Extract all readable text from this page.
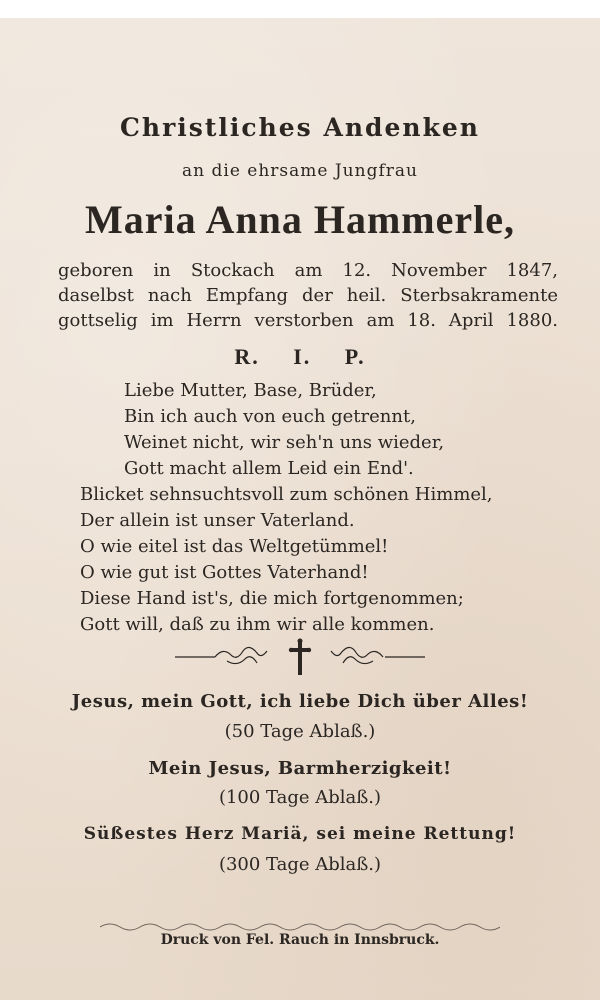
Christliches Andenken
an die ehrsame Jungfrau
Maria Anna Hammerle,
geboren in Stockach am 12. November 1847,
daselbst nach Empfang der heil. Sterbsakramente
gottselig im Herrn verstorben am 18. April 1880.
R. I. P.
Liebe Mutter, Base, Brüder,
Bin ich auch von euch getrennt,
Weinet nicht, wir seh'n uns wieder,
Gott macht allem Leid ein End'.
Blicket sehnsuchtsvoll zum schönen Himmel,
Der allein ist unser Vaterland.
O wie eitel ist das Weltgetümmel!
O wie gut ist Gottes Vaterhand!
Diese Hand ist's, die mich fortgenommen;
Gott will, daß zu ihm wir alle kommen.
Jesus, mein Gott, ich liebe Dich über Alles!
(50 Tage Ablaß.)
Mein Jesus, Barmherzigkeit!
(100 Tage Ablaß.)
Süßestes Herz Mariä, sei meine Rettung!
(300 Tage Ablaß.)
Druck von Fel. Rauch in Innsbruck.
